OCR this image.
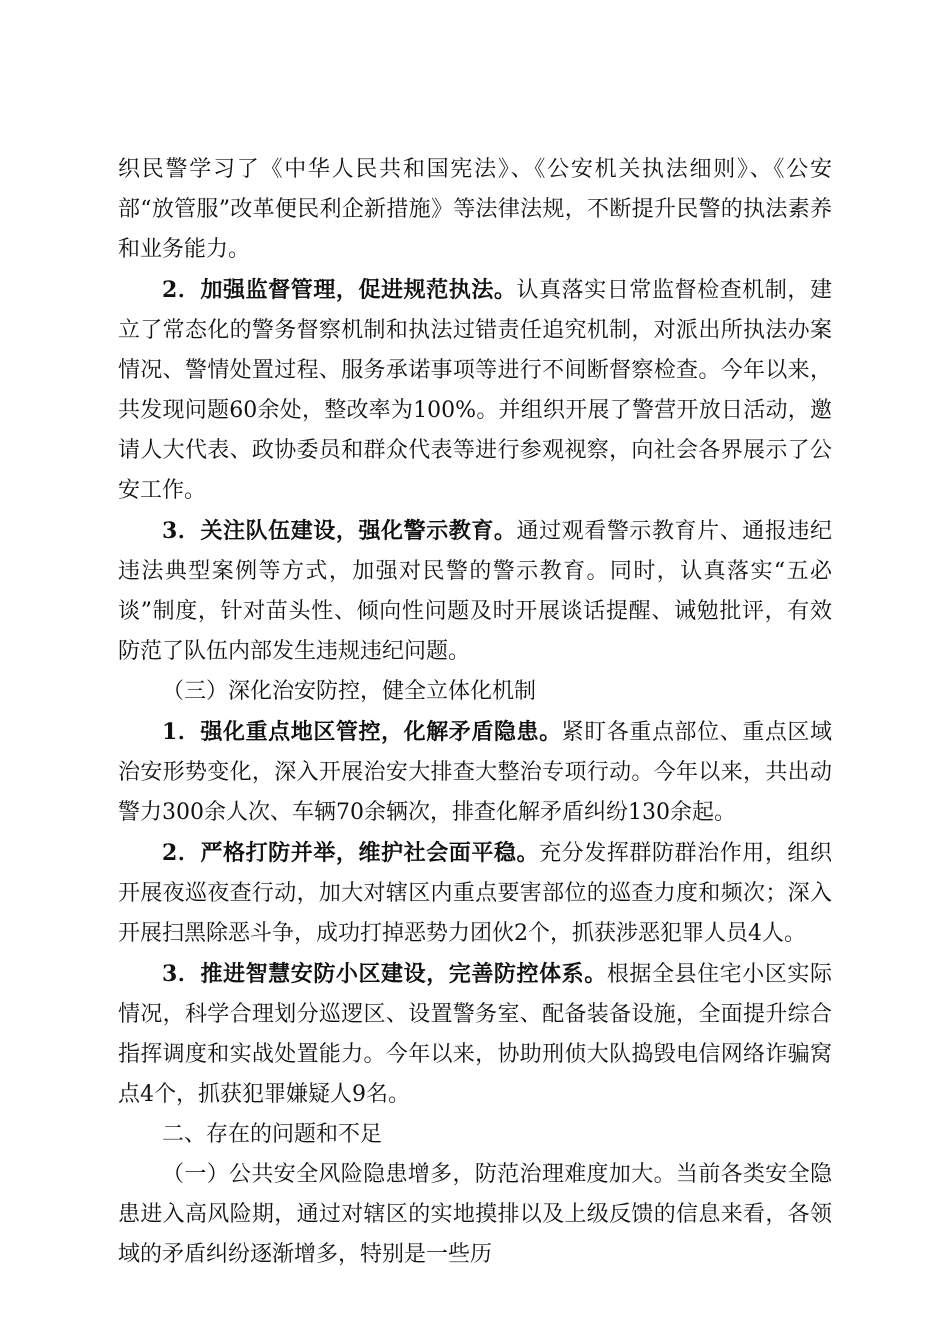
织民警学习了《中华人民共和国宪法》、《公安机关执法细则》、《公安部“放管服”改革便民利企新措施》等法律法规，不断提升民警的执法素养和业务能力。

2．加强监督管理，促进规范执法。认真落实日常监督检查机制，建立了常态化的警务督察机制和执法过错责任追究机制，对派出所执法办案情况、警情处置过程、服务承诺事项等进行不间断督察检查。今年以来，共发现问题60余处，整改率为100%。并组织开展了警营开放日活动，邀请人大代表、政协委员和群众代表等进行参观视察，向社会各界展示了公安工作。

3．关注队伍建设，强化警示教育。通过观看警示教育片、通报违纪违法典型案例等方式，加强对民警的警示教育。同时，认真落实“五必谈”制度，针对苗头性、倾向性问题及时开展谈话提醒、诫勉批评，有效防范了队伍内部发生违规违纪问题。

（三）深化治安防控，健全立体化机制

1．强化重点地区管控，化解矛盾隐患。紧盯各重点部位、重点区域治安形势变化，深入开展治安大排查大整治专项行动。今年以来，共出动警力300余人次、车辆70余辆次，排查化解矛盾纠纷130余起。

2．严格打防并举，维护社会面平稳。充分发挥群防群治作用，组织开展夜巡夜查行动，加大对辖区内重点要害部位的巡查力度和频次；深入开展扫黑除恶斗争，成功打掉恶势力团伙2个，抓获涉恶犯罪人员4人。

3．推进智慧安防小区建设，完善防控体系。根据全县住宅小区实际情况，科学合理划分巡逻区、设置警务室、配备装备设施，全面提升综合指挥调度和实战处置能力。今年以来，协助刑侦大队捣毁电信网络诈骗窝点4个，抓获犯罪嫌疑人9名。

二、存在的问题和不足

（一）公共安全风险隐患增多，防范治理难度加大。当前各类安全隐患进入高风险期，通过对辖区的实地摸排以及上级反馈的信息来看，各领域的矛盾纠纷逐渐增多，特别是一些历
